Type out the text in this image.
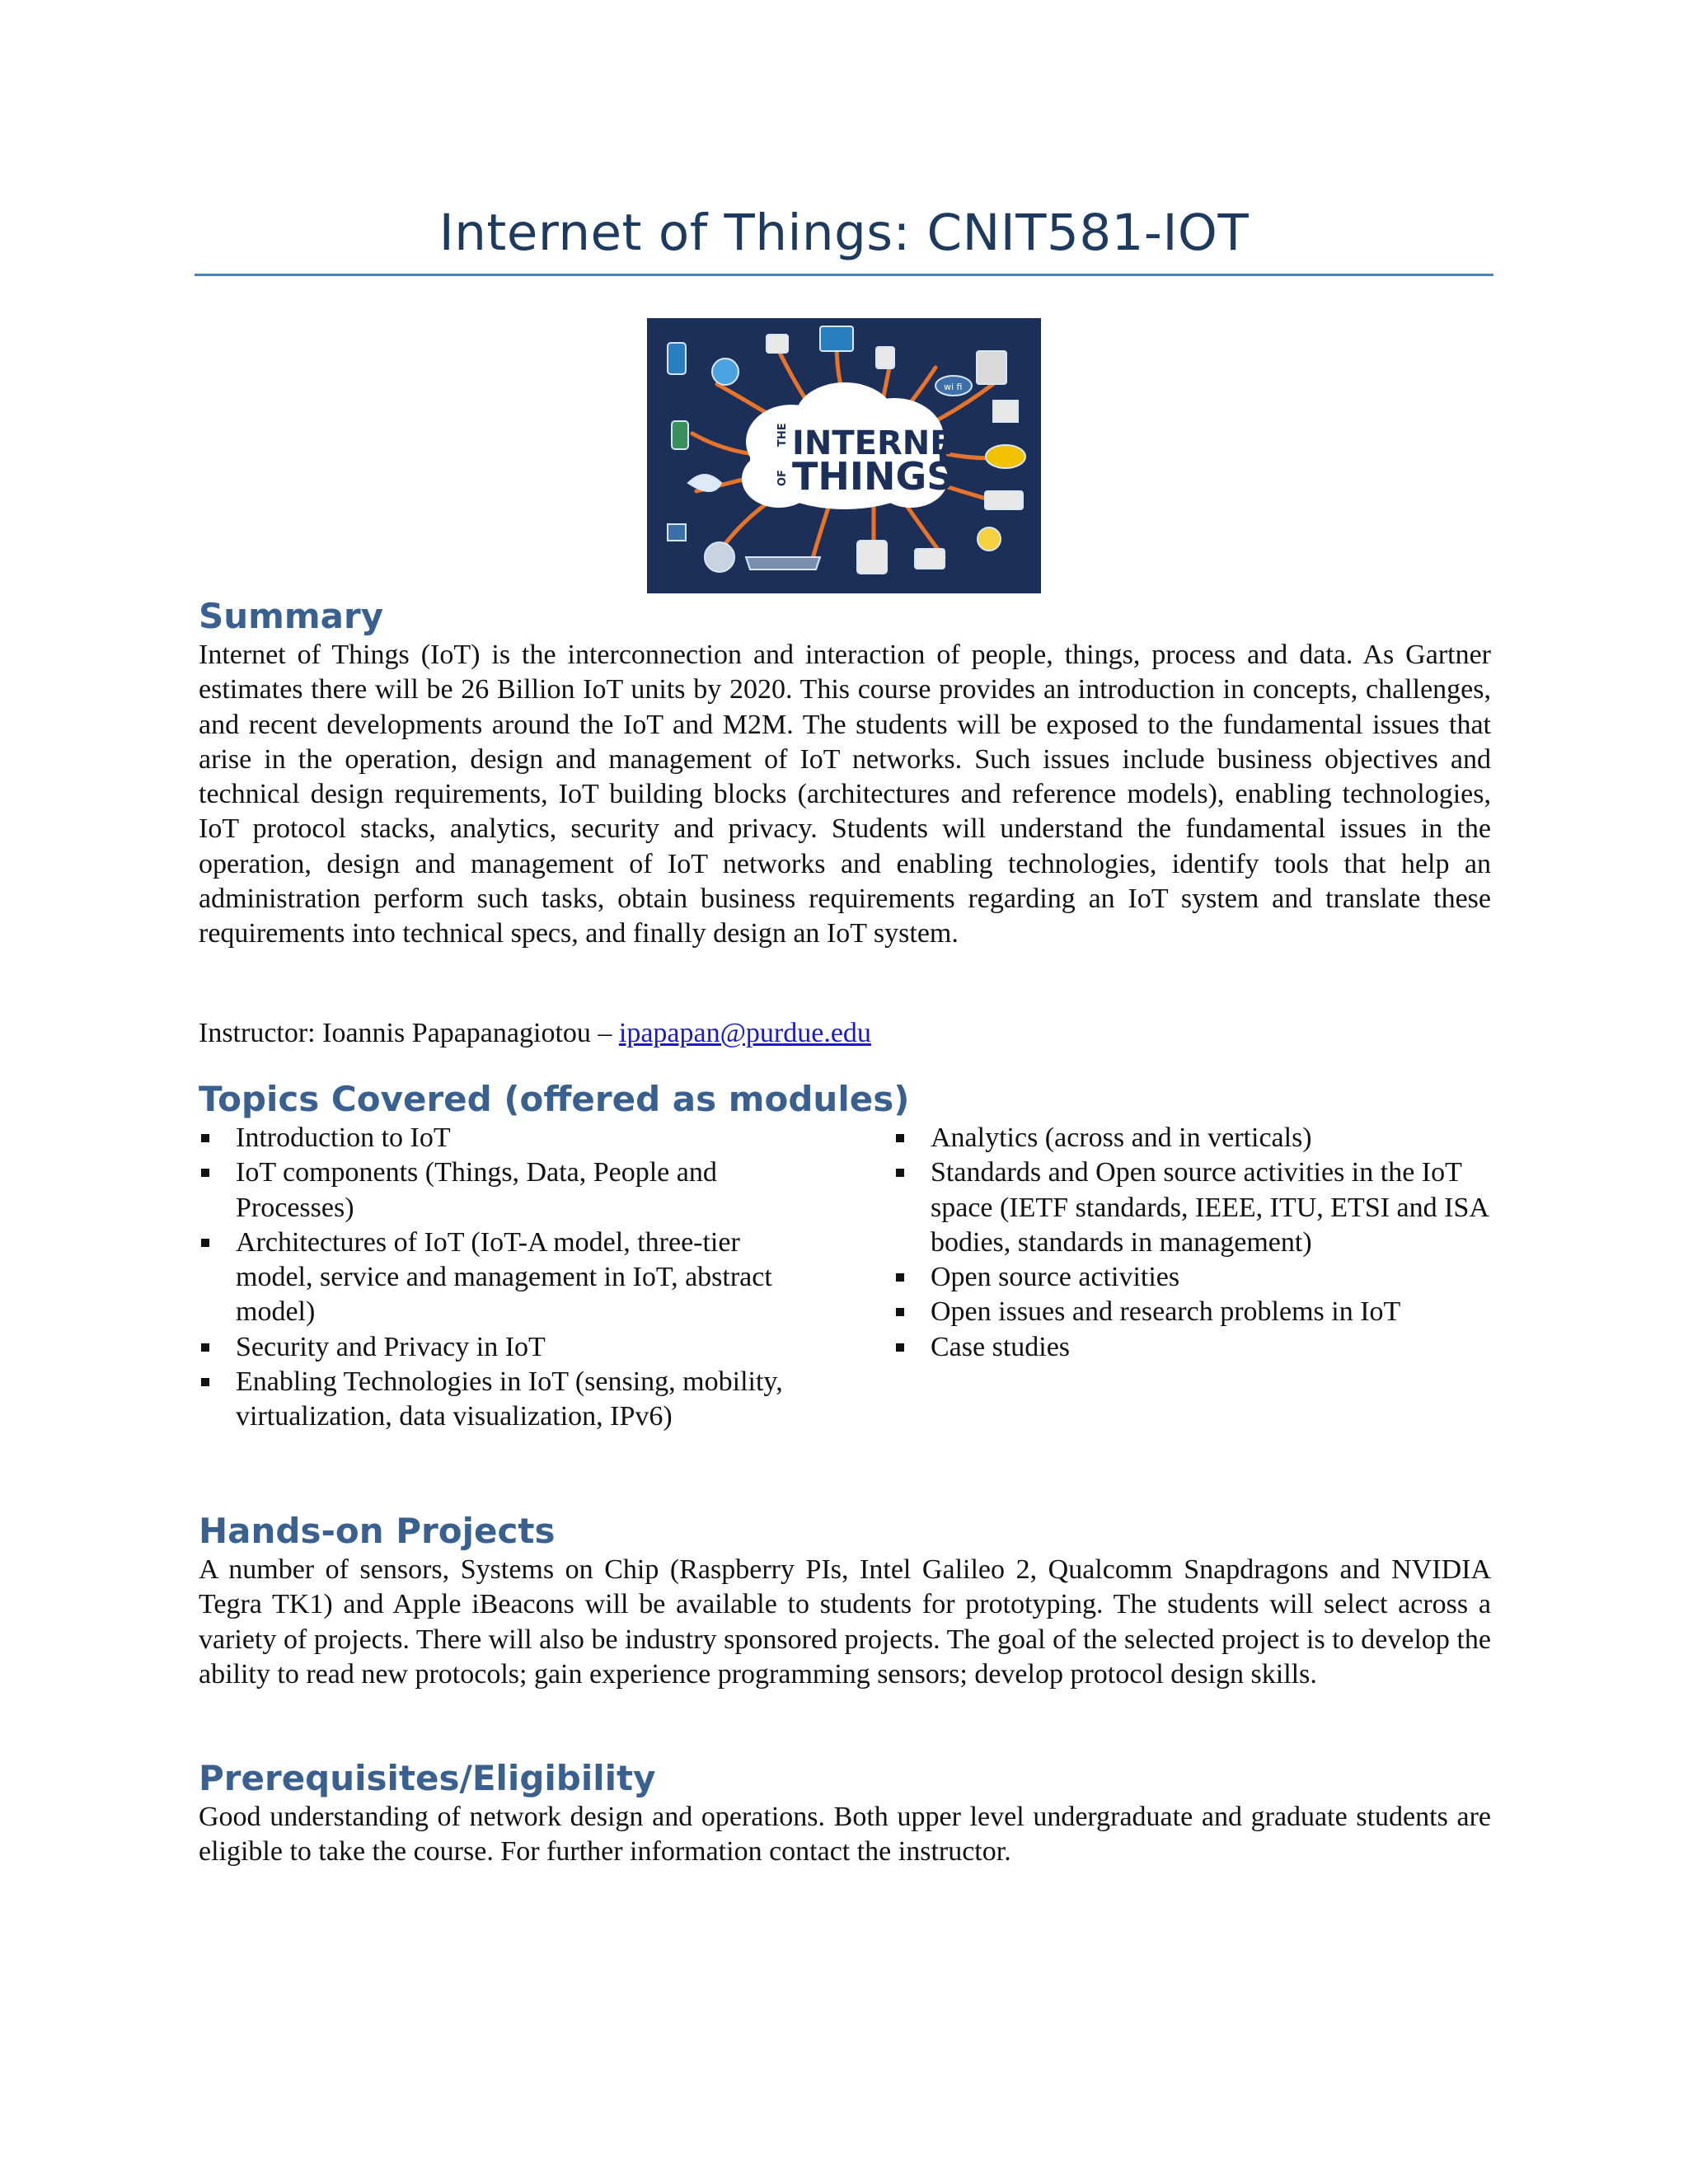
Internet of Things: CNIT581-IOT
INTERNET
THINGS
THE
OF
wi fi
Summary

Internet of Things (IoT) is the interconnection and interaction of people, things, process and data. As Gartner estimates there will be 26 Billion IoT units by 2020. This course provides an introduction in concepts, challenges, and recent developments around the IoT and M2M. The students will be exposed to the fundamental issues that arise in the operation, design and management of IoT networks. Such issues include business objectives and technical design requirements, IoT building blocks (architectures and reference models), enabling technologies, IoT protocol stacks, analytics, security and privacy. Students will understand the fundamental issues in the operation, design and management of IoT networks and enabling technologies, identify tools that help an administration perform such tasks, obtain business requirements regarding an IoT system and translate these requirements into technical specs, and finally design an IoT system.

Instructor: Ioannis Papapanagiotou – ipapapan@purdue.edu

Topics Covered (offered as modules)
Introduction to IoT
IoT components (Things, Data, People and Processes)
Architectures of IoT (IoT-A model, three-tier model, service and management in IoT, abstract model)
Security and Privacy in IoT
Enabling Technologies in IoT (sensing, mobility, virtualization, data visualization, IPv6)
Analytics (across and in verticals)
Standards and Open source activities in the IoT space (IETF standards, IEEE, ITU, ETSI and ISA bodies, standards in management)
Open source activities
Open issues and research problems in IoT
Case studies
Hands-on Projects

A number of sensors, Systems on Chip (Raspberry PIs, Intel Galileo 2, Qualcomm Snapdragons and NVIDIA Tegra TK1) and Apple iBeacons will be available to students for prototyping. The students will select across a variety of projects. There will also be industry sponsored projects. The goal of the selected project is to develop the ability to read new protocols; gain experience programming sensors; develop protocol design skills.

Prerequisites/Eligibility

Good understanding of network design and operations. Both upper level undergraduate and graduate students are eligible to take the course. For further information contact the instructor.
